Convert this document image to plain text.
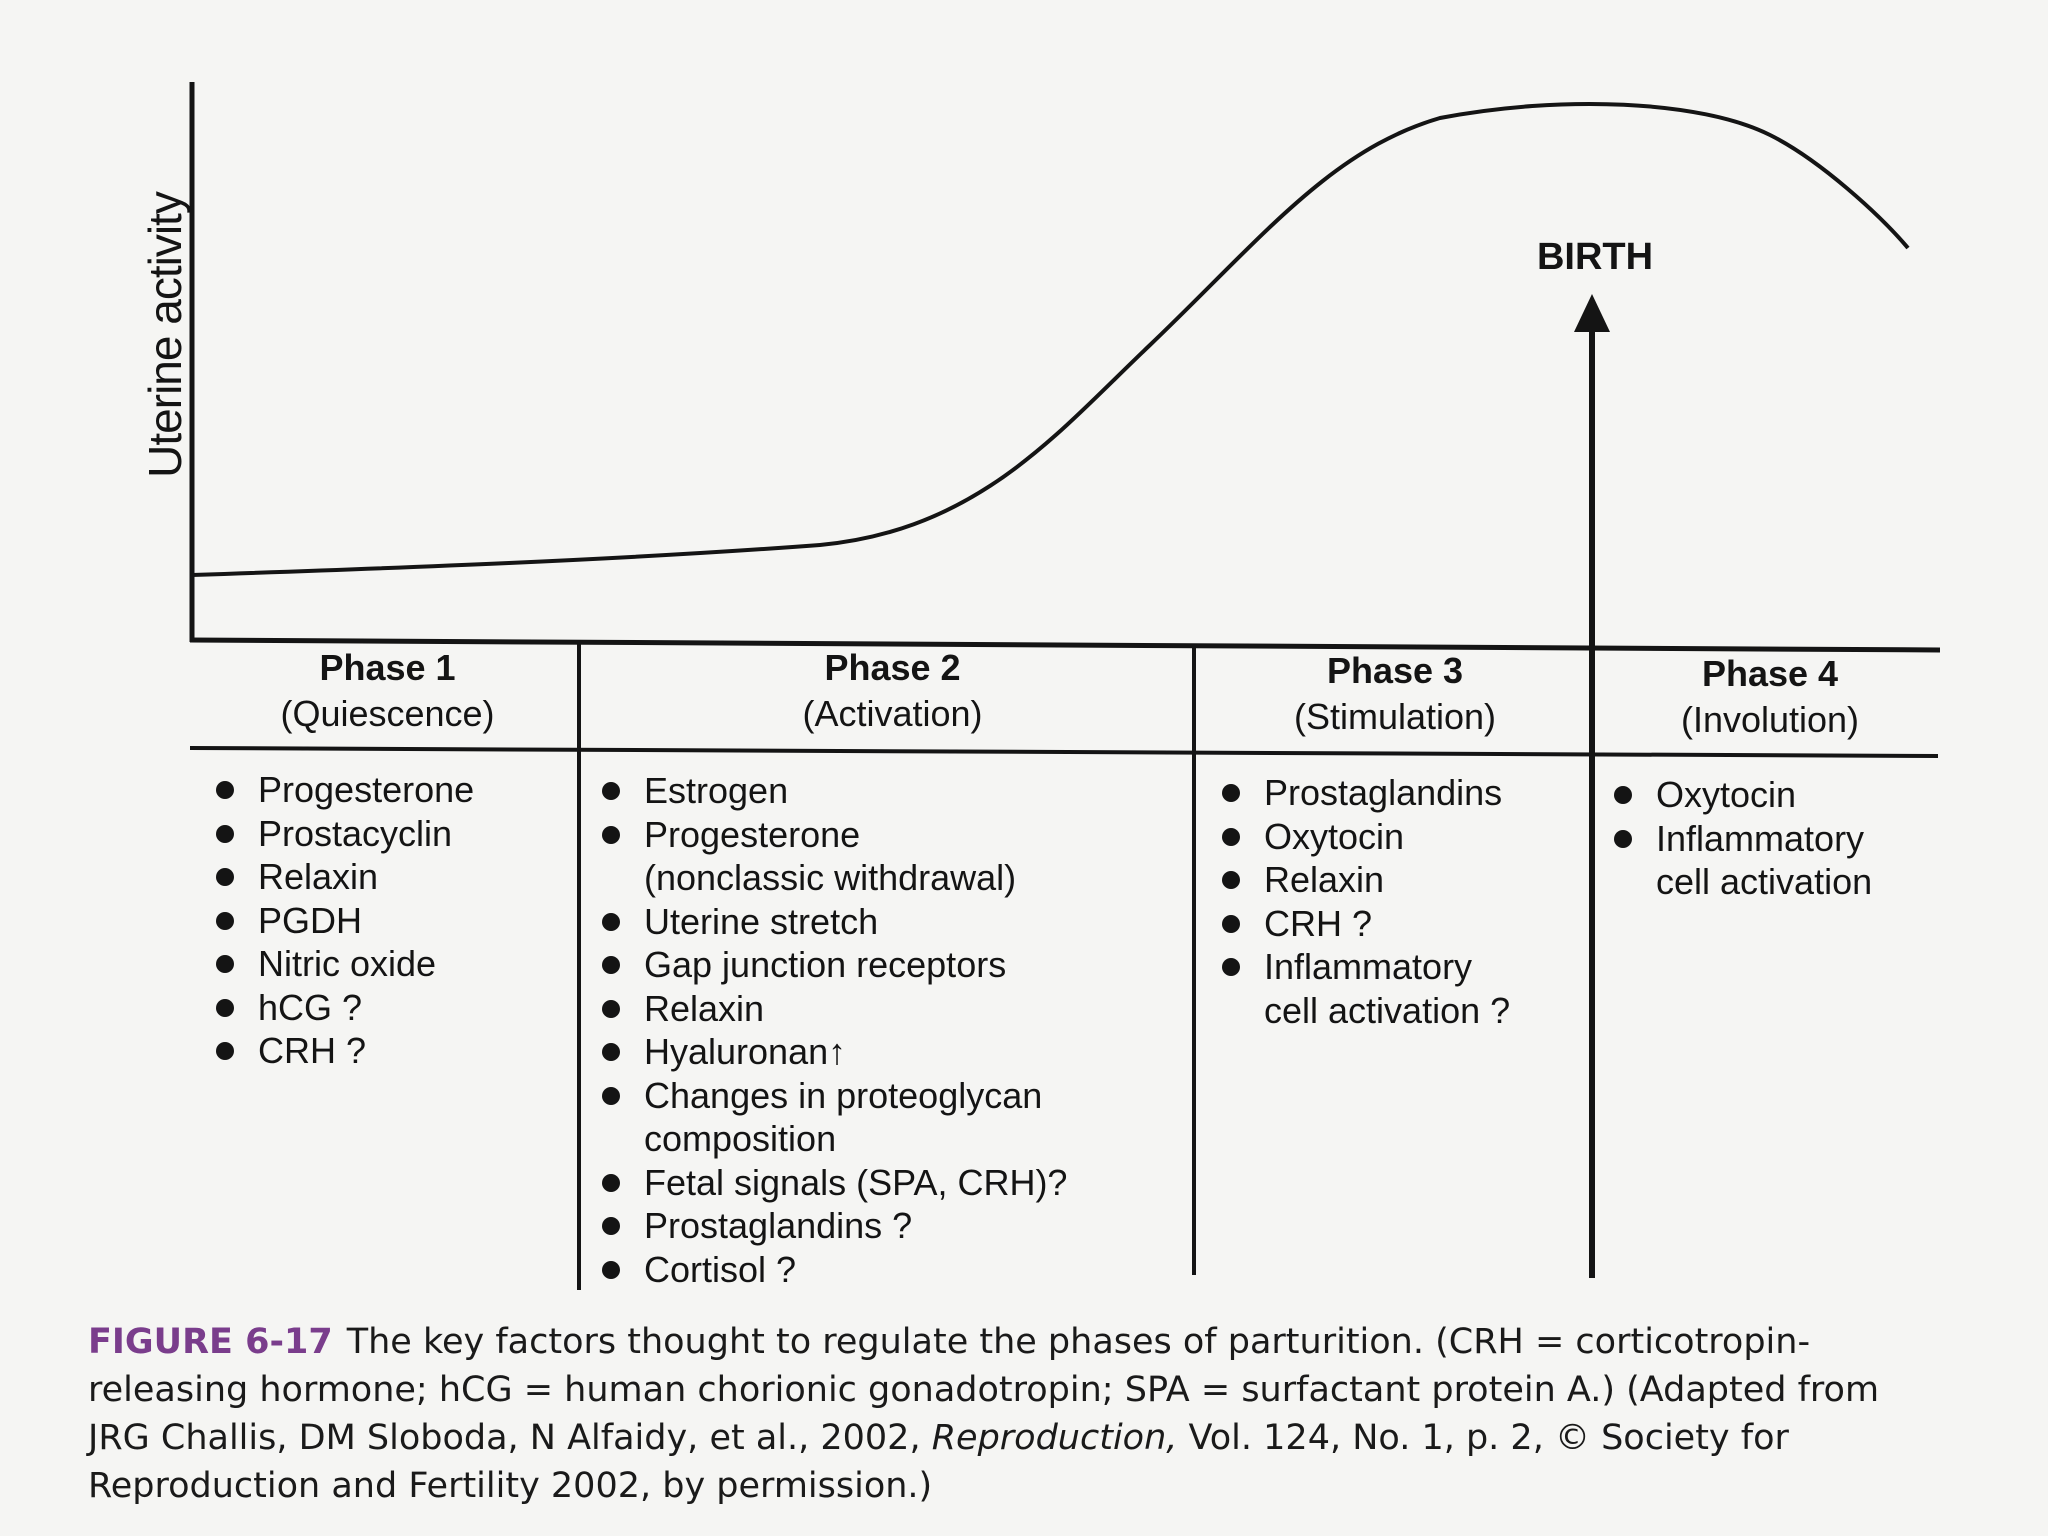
Uterine activity	BIRTH
Phase 1
(Quiescence)
Phase 2
(Activation)
Phase 3
(Stimulation)
Phase 4
(Involution)
Progesterone
Prostacyclin
Relaxin
PGDH
Nitric oxide
hCG ?
CRH ?
Estrogen
Progesterone
(nonclassic withdrawal)
Uterine stretch
Gap junction receptors
Relaxin
Hyaluronan↑
Changes in proteoglycan
composition
Fetal signals (SPA, CRH)?
Prostaglandins ?
Cortisol ?
Prostaglandins
Oxytocin
Relaxin
CRH ?
Inflammatory
cell activation ?
Oxytocin
Inflammatory
cell activation
FIGURE 6-17 The key factors thought to regulate the phases of parturition. (CRH = corticotropin-releasing hormone; hCG = human chorionic gonadotropin; SPA = surfactant protein A.) (Adapted from JRG Challis, DM Sloboda, N Alfaidy, et al., 2002, Reproduction, Vol. 124, No. 1, p. 2, © Society for Reproduction and Fertility 2002, by permission.)
